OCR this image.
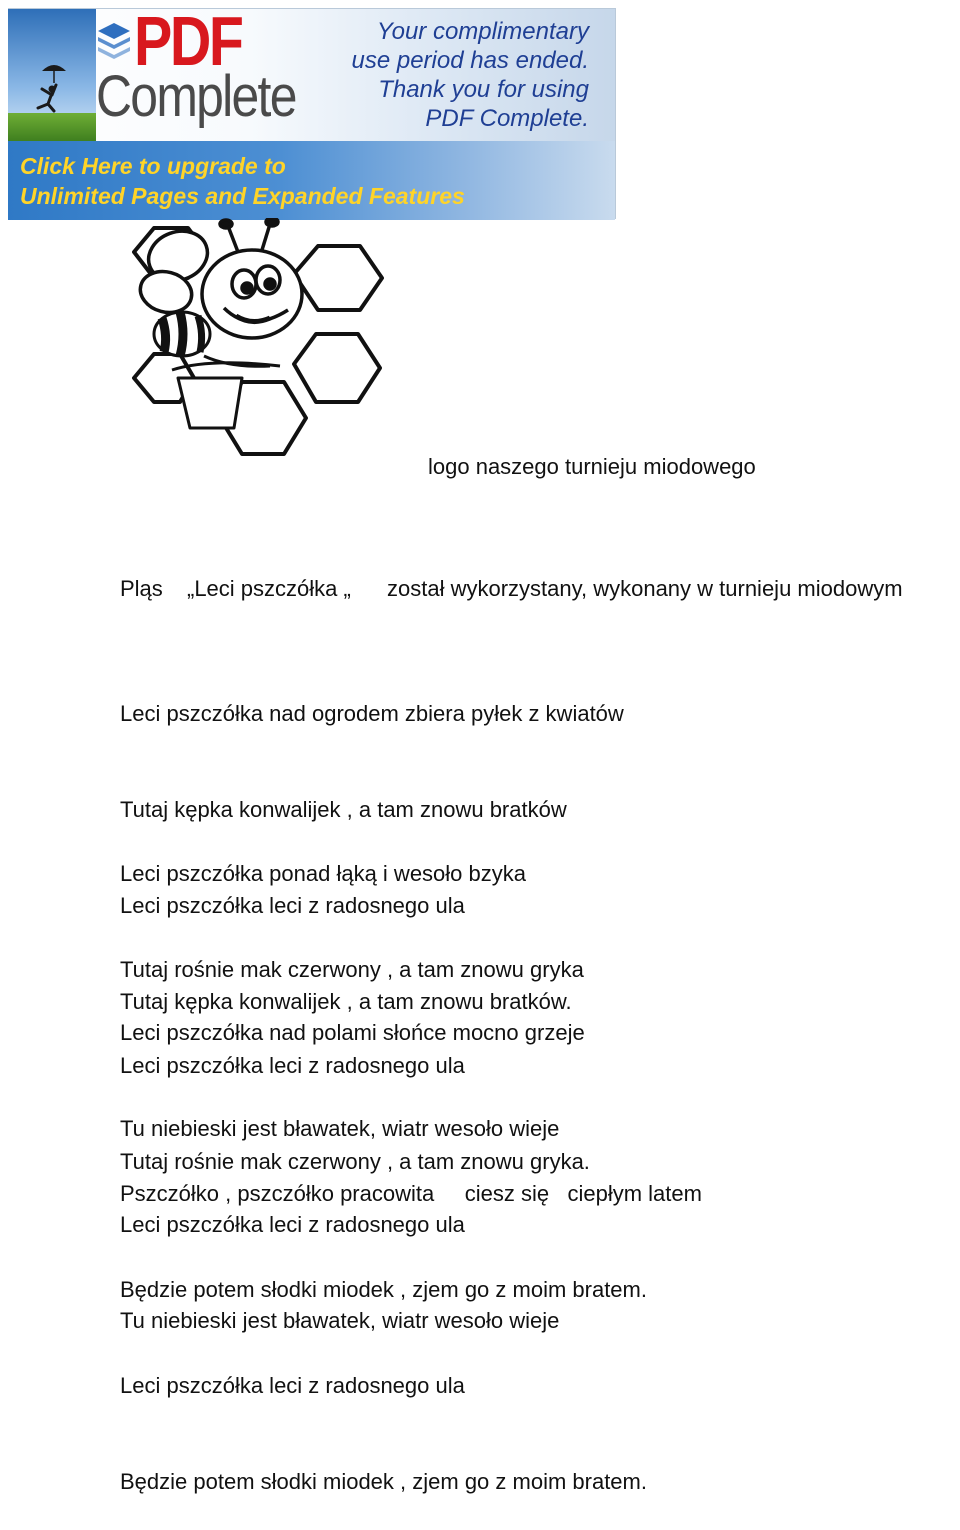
PDF
Complete
Your complimentary
use period has ended.
Thank you for using
PDF Complete.
Click Here to upgrade to
Unlimited Pages and Expanded Features
logo naszego turnieju miodowego

Pląs

„Leci pszczółka „

został wykorzystany, wykonany w turnieju miodowym

Leci pszczółka nad ogrodem zbiera pyłek z kwiatów

Tutaj kępka konwalijek , a tam znowu bratków

Leci pszczółka leci z radosnego ula

Tutaj kępka konwalijek , a tam znowu bratków.

Leci pszczółka ponad łąką i wesoło bzyka

Tutaj rośnie mak czerwony , a tam znowu gryka

Leci pszczółka leci z radosnego ula

Tutaj rośnie mak czerwony , a tam znowu gryka.

Leci pszczółka nad polami słońce mocno grzeje

Tu niebieski jest bławatek, wiatr wesoło wieje

Leci pszczółka leci z radosnego ula

Tu niebieski jest bławatek, wiatr wesoło wieje

Pszczółko , pszczółko pracowita     ciesz się   ciepłym latem

Będzie potem słodki miodek , zjem go z moim bratem.

Leci pszczółka leci z radosnego ula

Będzie potem słodki miodek , zjem go z moim bratem.
